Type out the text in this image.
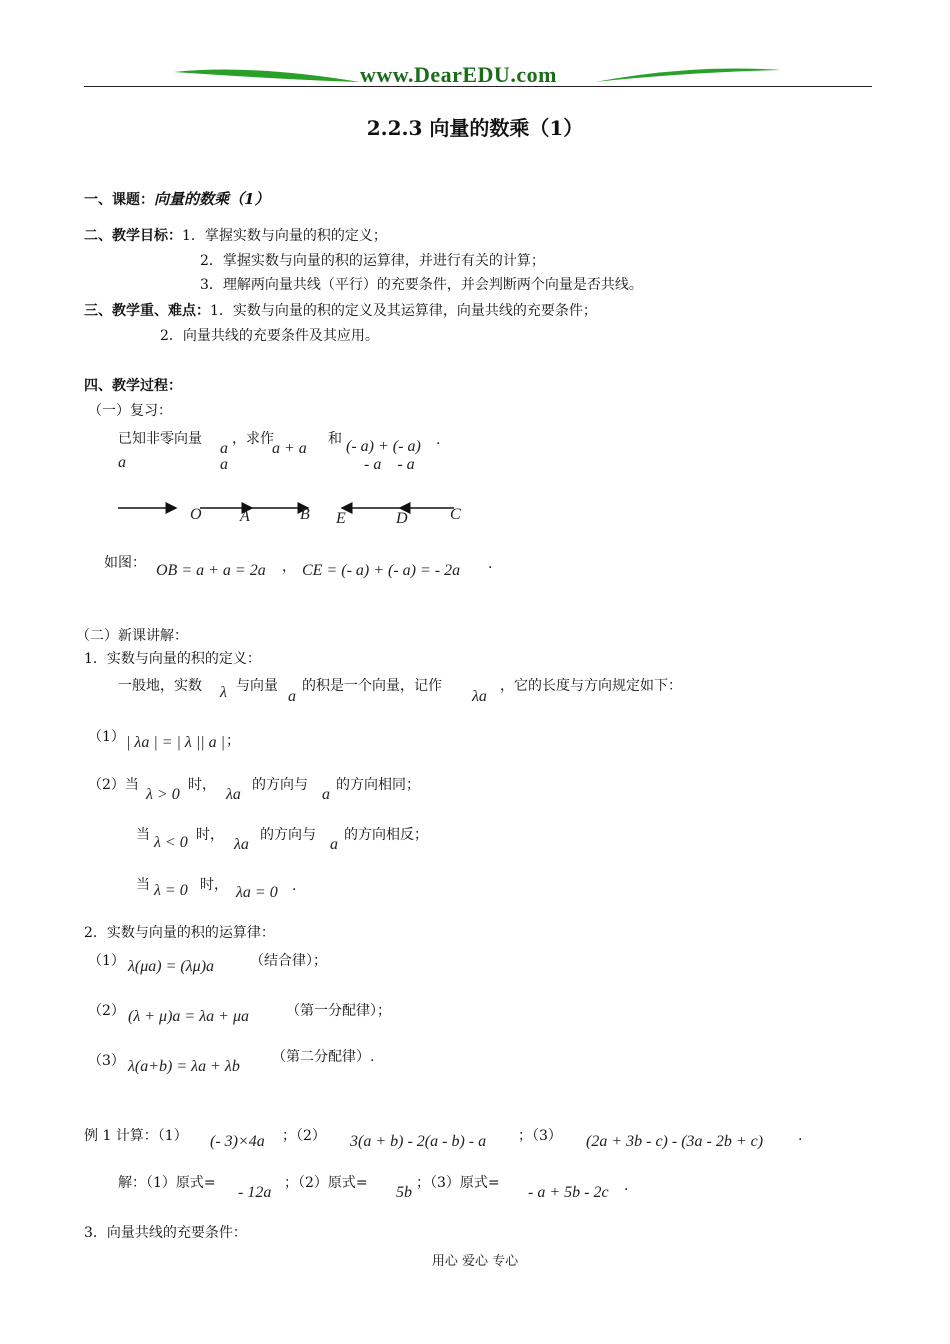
www.DearEDU.com
2.2.3 向量的数乘（1）
一、课题：向量的数乘（1）
二、教学目标：1．掌握实数与向量的积的定义；
2．掌握实数与向量的积的运算律，并进行有关的计算；
3．理解两向量共线（平行）的充要条件，并会判断两个向量是否共线。
三、教学重、难点：1．实数与向量的积的定义及其运算律，向量共线的充要条件；
2．向量共线的充要条件及其应用。
四、教学过程：
（一）复习：
已知非零向量
a
a
a
，求作
a + a
和 (- a) + (- a)
- a    - a
.
O A	B E	D	C
如图： OB = a + a = 2a ， CE = (- a) + (- a) = - 2a .
（二）新课讲解：
1．实数与向量的积的定义：
一般地，实数 λ 与向量
a
的积是一个向量，记作
λa
，它的长度与方向规定如下：
（1） | λa | = | λ || a | ；
（2）当
λ > 0
时，
λa
的方向与
a
的方向相同；
当 λ < 0 时，
λa
的方向与
a
的方向相反；
当 λ = 0 时， λa = 0 .
2．实数与向量的积的运算律：
（1） λ(μa) = (λμ)a	（结合律）；
（2） (λ + μ)a = λa + μa	（第一分配律）；
（3） λ(a+b) = λa + λb
（第二分配律）.
例 1 计算：（1） (- 3)×4a ；（2） 3(a + b) - 2(a - b) - a ；（3） (2a + 3b - c) - (3a - 2b + c) .
解：（1）原式=
- 12a
；（2）原式=
5b
；（3）原式=
- a + 5b - 2c .
3．向量共线的充要条件：
用心 爱心 专心
